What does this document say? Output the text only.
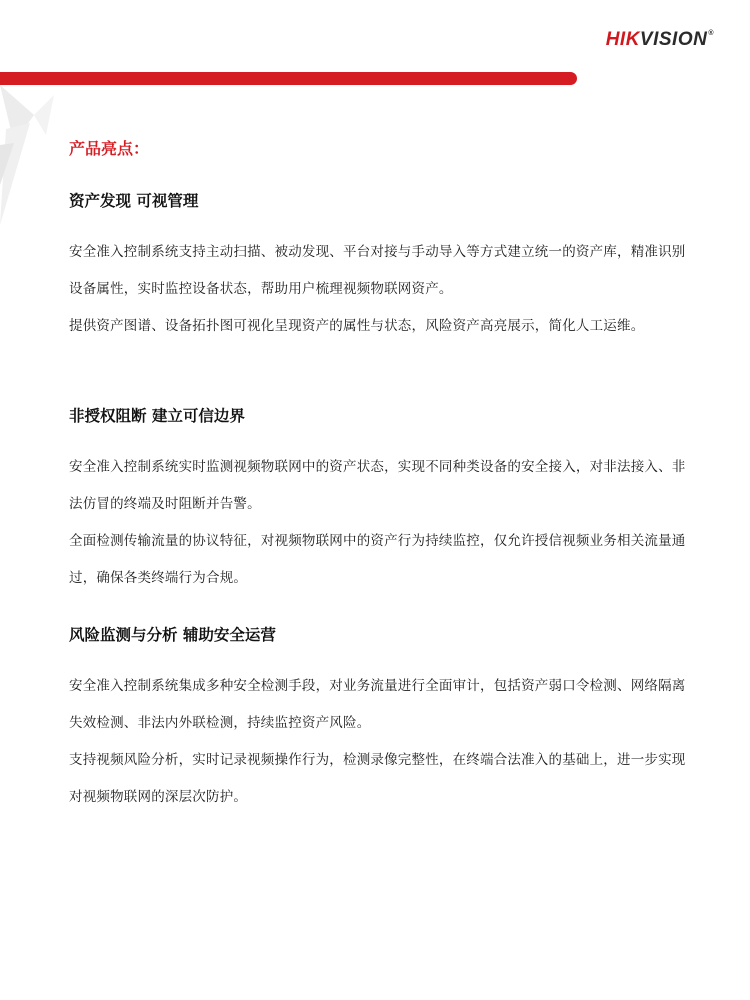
HIKVISION®
产品亮点：
资产发现 可视管理

安全准入控制系统支持主动扫描、被动发现、平台对接与手动导入等方式建立统一的资产库，精准识别设备属性，实时监控设备状态，帮助用户梳理视频物联网资产。

提供资产图谱、设备拓扑图可视化呈现资产的属性与状态，风险资产高亮展示，简化人工运维。

非授权阻断 建立可信边界

安全准入控制系统实时监测视频物联网中的资产状态，实现不同种类设备的安全接入，对非法接入、非法仿冒的终端及时阻断并告警。

全面检测传输流量的协议特征，对视频物联网中的资产行为持续监控，仅允许授信视频业务相关流量通过，确保各类终端行为合规。

风险监测与分析 辅助安全运营

安全准入控制系统集成多种安全检测手段，对业务流量进行全面审计，包括资产弱口令检测、网络隔离失效检测、非法内外联检测，持续监控资产风险。

支持视频风险分析，实时记录视频操作行为，检测录像完整性，在终端合法准入的基础上，进一步实现对视频物联网的深层次防护。
